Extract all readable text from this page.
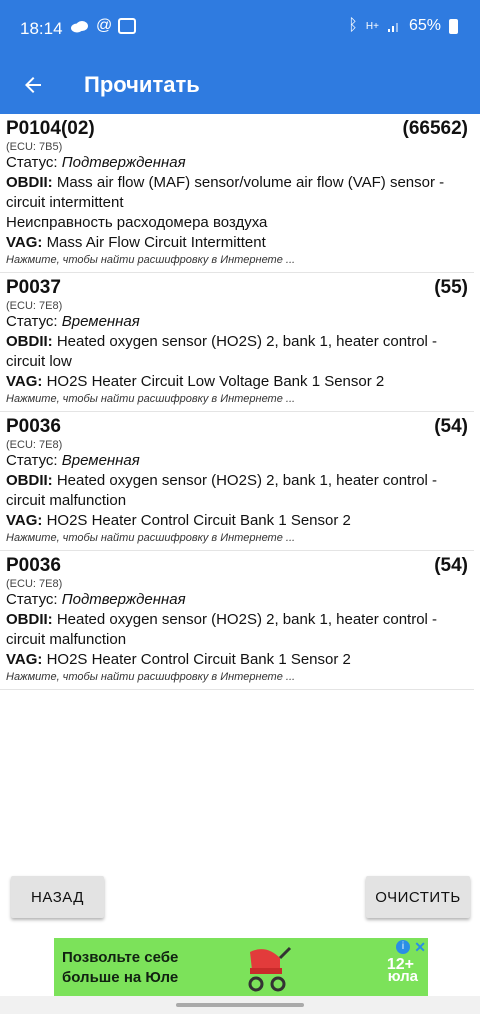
18:14 @	ᛒ H+ 65%
Прочитать
P0104(02)	(66562)
(ECU: 7B5)
Статус: Подтвержденная
OBDII: Mass air flow (MAF) sensor/volume air flow (VAF) sensor - circuit intermittent
Неисправность расходомера воздуха
VAG: Mass Air Flow Circuit Intermittent
Нажмите, чтобы найти расшифровку в Интернете ...
P0037	(55)
(ECU: 7E8)
Статус: Временная
OBDII: Heated oxygen sensor (HO2S) 2, bank 1, heater control - circuit low
VAG: HO2S Heater Circuit Low Voltage Bank 1 Sensor 2
Нажмите, чтобы найти расшифровку в Интернете ...
P0036	(54)
(ECU: 7E8)
Статус: Временная
OBDII: Heated oxygen sensor (HO2S) 2, bank 1, heater control - circuit malfunction
VAG: HO2S Heater Control Circuit Bank 1 Sensor 2
Нажмите, чтобы найти расшифровку в Интернете ...
P0036	(54)
(ECU: 7E8)
Статус: Подтвержденная
OBDII: Heated oxygen sensor (HO2S) 2, bank 1, heater control - circuit malfunction
VAG: HO2S Heater Control Circuit Bank 1 Sensor 2
Нажмите, чтобы найти расшифровку в Интернете ...
НАЗАД	ОЧИСТИТЬ
Позвольте себе
больше на Юле
12+
i ✕
юла
